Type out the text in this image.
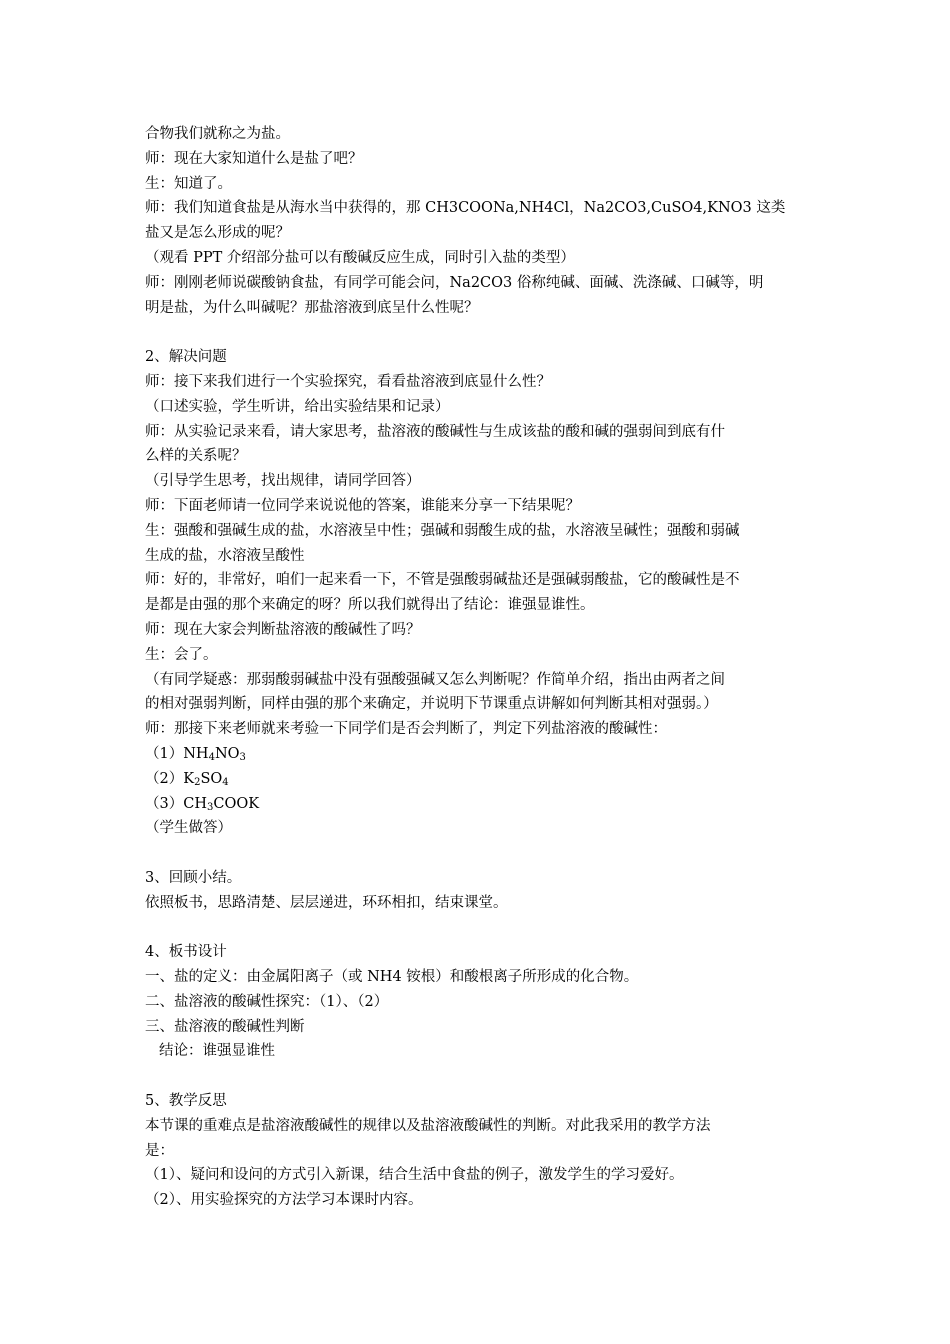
合物我们就称之为盐。
师：现在大家知道什么是盐了吧？
生：知道了。
师：我们知道食盐是从海水当中获得的，那 CH3COONa,NH4Cl，Na2CO3,CuSO4,KNO3 这类
盐又是怎么形成的呢？
（观看 PPT 介绍部分盐可以有酸碱反应生成，同时引入盐的类型）
师：刚刚老师说碳酸钠食盐，有同学可能会问，Na2CO3 俗称纯碱、面碱、洗涤碱、口碱等，明
明是盐，为什么叫碱呢？那盐溶液到底呈什么性呢？
2、解决问题
师：接下来我们进行一个实验探究，看看盐溶液到底显什么性？
（口述实验，学生听讲，给出实验结果和记录）
师：从实验记录来看，请大家思考，盐溶液的酸碱性与生成该盐的酸和碱的强弱间到底有什
么样的关系呢？
（引导学生思考，找出规律，请同学回答）
师：下面老师请一位同学来说说他的答案，谁能来分享一下结果呢？
生：强酸和强碱生成的盐，水溶液呈中性；强碱和弱酸生成的盐，水溶液呈碱性；强酸和弱碱
生成的盐，水溶液呈酸性
师：好的，非常好，咱们一起来看一下，不管是强酸弱碱盐还是强碱弱酸盐，它的酸碱性是不
是都是由强的那个来确定的呀？所以我们就得出了结论：谁强显谁性。
师：现在大家会判断盐溶液的酸碱性了吗？
生：会了。
（有同学疑惑：那弱酸弱碱盐中没有强酸强碱又怎么判断呢？作简单介绍，指出由两者之间
的相对强弱判断，同样由强的那个来确定，并说明下节课重点讲解如何判断其相对强弱。）
师：那接下来老师就来考验一下同学们是否会判断了，判定下列盐溶液的酸碱性：
$(1)NH_4NO_3$
$(2)K_2SO_4$
$(3)CH_3COOK$
（学生做答）
3、回顾小结。
依照板书，思路清楚、层层递进，环环相扣，结束课堂。
4、板书设计
一、盐的定义：由金属阳离子（或 NH4 铵根）和酸根离子所形成的化合物。
二、盐溶液的酸碱性探究：（1）、（2）
三、盐溶液的酸碱性判断
结论：谁强显谁性
5、教学反思
本节课的重难点是盐溶液酸碱性的规律以及盐溶液酸碱性的判断。对此我采用的教学方法
是：
（1）、疑问和设问的方式引入新课，结合生活中食盐的例子，激发学生的学习爱好。
（2）、用实验探究的方法学习本课时内容。
